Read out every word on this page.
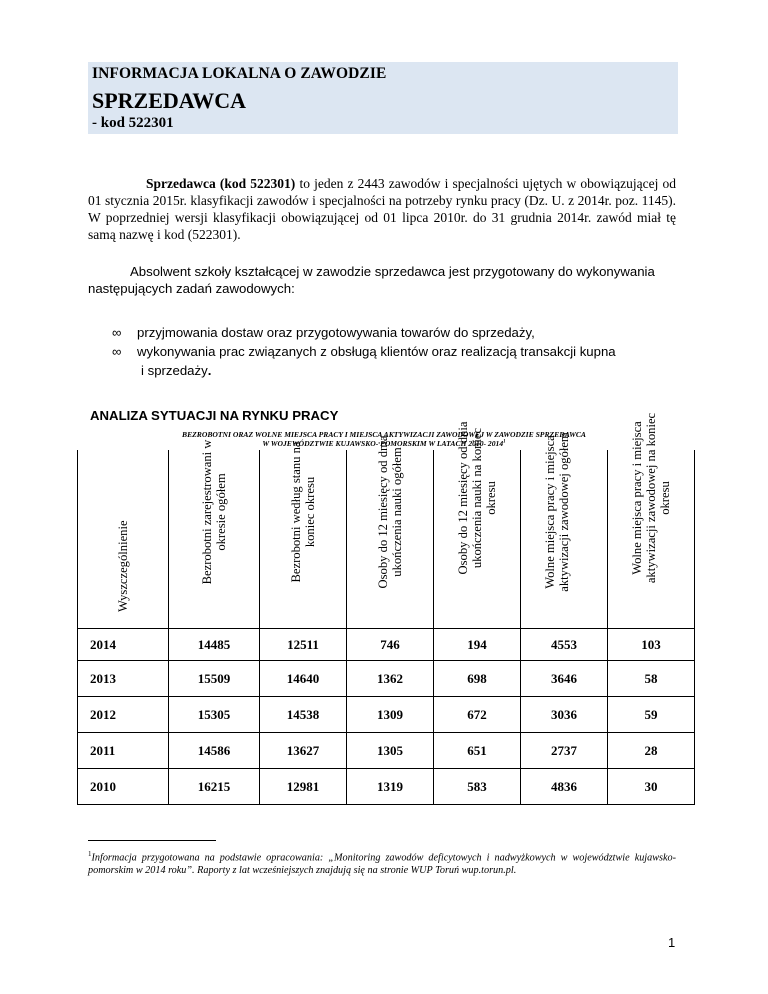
INFORMACJA LOKALNA O ZAWODZIE
SPRZEDAWCA
- kod 522301
Sprzedawca (kod 522301) to jeden z 2443 zawodów i specjalności ujętych w obowiązującej od 01 stycznia 2015r. klasyfikacji zawodów i specjalności na potrzeby rynku pracy (Dz. U. z 2014r. poz. 1145). W poprzedniej wersji klasyfikacji obowiązującej od 01 lipca 2010r. do 31 grudnia 2014r. zawód miał tę samą nazwę i kod (522301).
Absolwent szkoły kształcącej w zawodzie sprzedawca jest przygotowany do wykonywania następujących zadań zawodowych:
∞ przyjmowania dostaw oraz przygotowywania towarów do sprzedaży,
∞ wykonywania prac związanych z obsługą klientów oraz realizacją transakcji kupna
i sprzedaży.
ANALIZA SYTUACJI NA RYNKU PRACY
BEZROBOTNI ORAZ WOLNE MIEJSCA PRACY I MIEJSCA AKTYWIZACJI ZAWODOWEJ W ZAWODZIE SPRZEDAWCA
W WOJEWÓDZTWIE KUJAWSKO- POMORSKIM W LATACH 2010- 2014$^1$
Wyszczególnienie	Bezrobotni zarejestrowani w okresie ogółem	Bezrobotni według stanu na koniec okresu	Osoby do 12 miesięcy od dnia ukończenia nauki ogółem	Osoby do 12 miesięcy od dnia ukończenia nauki na koniec okresu	Wolne miejsca pracy i miejsca aktywizacji zawodowej ogółem	Wolne miejsca pracy i miejsca aktywizacji zawodowej na koniec okresu

2014	14485	12511	746	194	4553	103
2013	15509	14640	1362	698	3646	58
2012	15305	14538	1309	672	3036	59
2011	14586	13627	1305	651	2737	28
2010	16215	12981	1319	583	4836	30
$^1$Informacja przygotowana na podstawie opracowania: „Monitoring zawodów deficytowych i nadwyżkowych w województwie kujawsko-pomorskim w 2014 roku”. Raporty z lat wcześniejszych znajdują się na stronie WUP Toruń wup.torun.pl.
1
